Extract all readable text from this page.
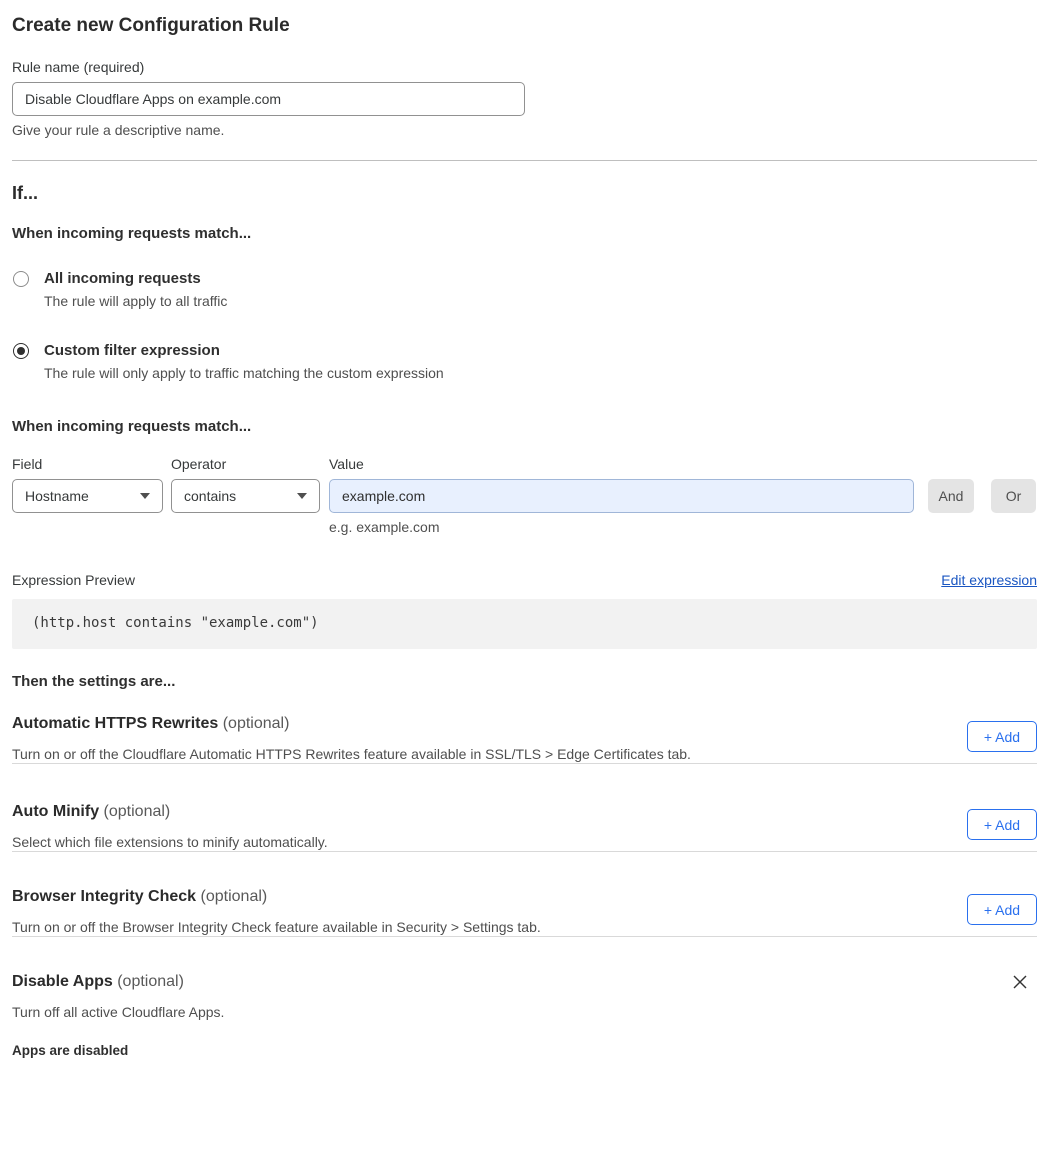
Create new Configuration Rule
Rule name (required)
Disable Cloudflare Apps on example.com
Give your rule a descriptive name.
If...
When incoming requests match...
All incoming requests
The rule will apply to all traffic
Custom filter expression
The rule will only apply to traffic matching the custom expression
When incoming requests match...
Field
Hostname
Operator
contains
Value
example.com
e.g. example.com
And	Or
Expression Preview	Edit expression
(http.host contains "example.com")
Then the settings are...
Automatic HTTPS Rewrites (optional)
Turn on or off the Cloudflare Automatic HTTPS Rewrites feature available in SSL/TLS > Edge Certificates tab.
+ Add
Auto Minify (optional)
Select which file extensions to minify automatically.
+ Add
Browser Integrity Check (optional)
Turn on or off the Browser Integrity Check feature available in Security > Settings tab.
+ Add
Disable Apps (optional)
Turn off all active Cloudflare Apps.
Apps are disabled
